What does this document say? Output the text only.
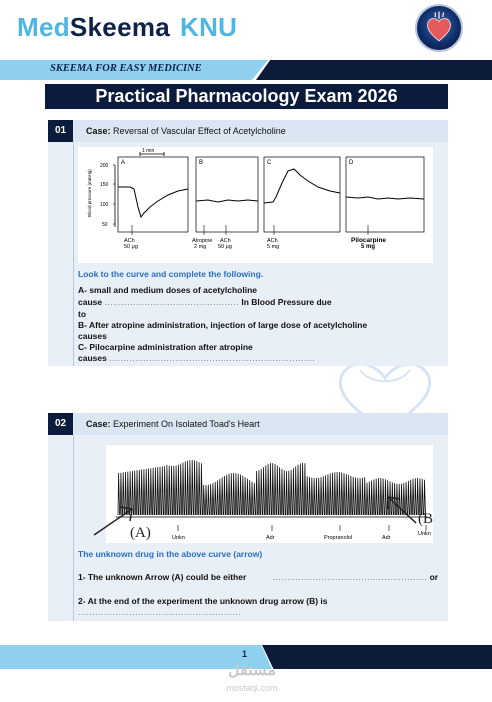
MedSkeema KNU
SKEEMA FOR EASY MEDICINE
Practical Pharmacology Exam 2026
01	Case: Reversal of Vascular Effect of Acetylcholine
1 min
Blood pressure (mmHg)
200
150
100
50
A	B	C	D
ACh
50 μg
Atropine
2 mg
ACh
50 μg
ACh
5 mg
Pilocarpine
5 mg
Look to the curve and complete the following.
A- small and medium doses of acetylcholine
cause ............................................... In Blood Pressure due
to
B- After atropine administration, injection of large dose of acetylcholine
causes
C- Pilocarpine administration after atropine
causes ........................................................................
02	Case: Experiment On Isolated Toad's Heart
Unkn	Adr	Propranolol	Adr
Unkn
(A)
(B
The unknown drug in the above curve (arrow)
1- The unknown Arrow (A) could be either	...................................................... or
2- At the end of the experiment the unknown drug arrow (B) is
.........................................................
1
مستقل
mostaql.com
